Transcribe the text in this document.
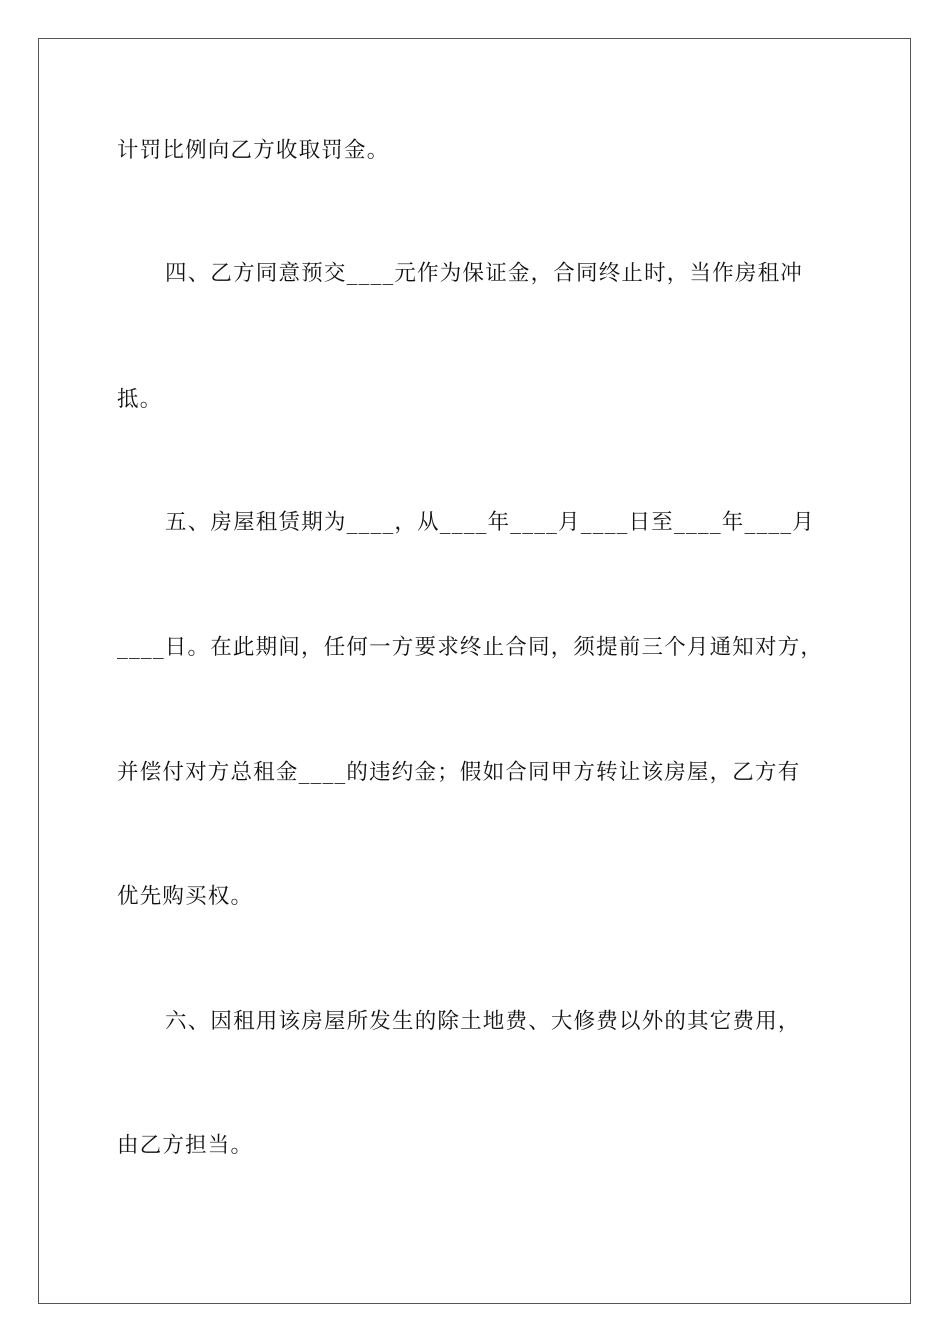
计罚比例向乙方收取罚金。

四、乙方同意预交____元作为保证金，合同终止时，当作房租冲

抵。

五、房屋租赁期为____，从____年____月____日至____年____月

____日。在此期间，任何一方要求终止合同，须提前三个月通知对方，

并偿付对方总租金____的违约金；假如合同甲方转让该房屋，乙方有

优先购买权。

六、因租用该房屋所发生的除土地费、大修费以外的其它费用，

由乙方担当。
